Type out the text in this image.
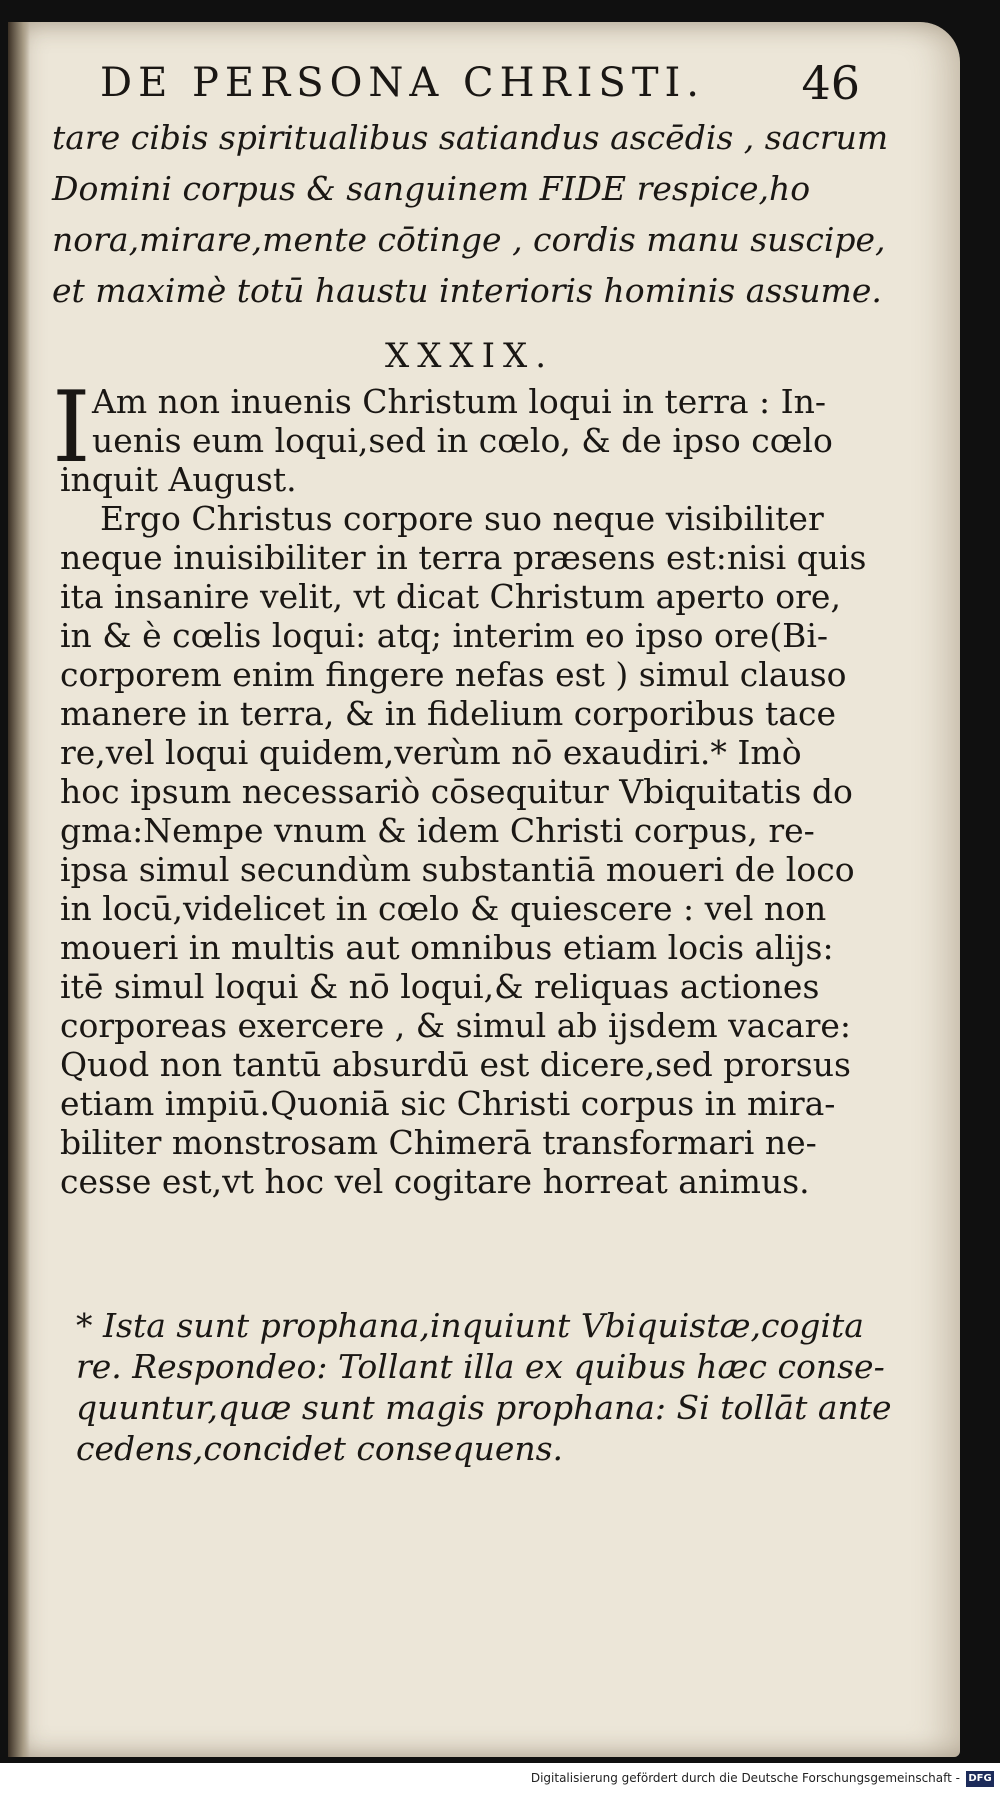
DE PERSONA CHRISTI. 46
tare cibis spiritualibus satiandus ascēdis , sacrum
Domini corpus & sanguinem FIDE respice,ho
nora,mirare,mente cōtinge , cordis manu suscipe,
et maximè totū haustu interioris hominis assume.
XXXIX.
I Am non inuenis Christum loqui in terra : In-
uenis eum loqui,sed in cœlo, & de ipso cœlo
inquit August.
Ergo Christus corpore suo neque visibiliter
neque inuisibiliter in terra præsens est:nisi quis
ita insanire velit, vt dicat Christum aperto ore,
in & è cœlis loqui: atq; interim eo ipso ore(Bi-
corporem enim fingere nefas est ) simul clauso
manere in terra, & in fidelium corporibus tace
re,vel loqui quidem,verùm nō exaudiri.* Imò
hoc ipsum necessariò cōsequitur Vbiquitatis do
gma:Nempe vnum & idem Christi corpus, re-
ipsa simul secundùm substantiā moueri de loco
in locū,videlicet in cœlo & quiescere : vel non
moueri in multis aut omnibus etiam locis alijs:
itē simul loqui & nō loqui,& reliquas actiones
corporeas exercere , & simul ab ijsdem vacare:
Quod non tantū absurdū est dicere,sed prorsus
etiam impiū.Quoniā sic Christi corpus in mira-
biliter monstrosam Chimerā transformari ne-
cesse est,vt hoc vel cogitare horreat animus.
* Ista sunt prophana,inquiunt Vbiquistæ,cogita
re. Respondeo: Tollant illa ex quibus hæc conse-
quuntur,quæ sunt magis prophana: Si tollāt ante
cedens,concidet consequens.
Digitalisierung gefördert durch die Deutsche Forschungsgemeinschaft - DFG
